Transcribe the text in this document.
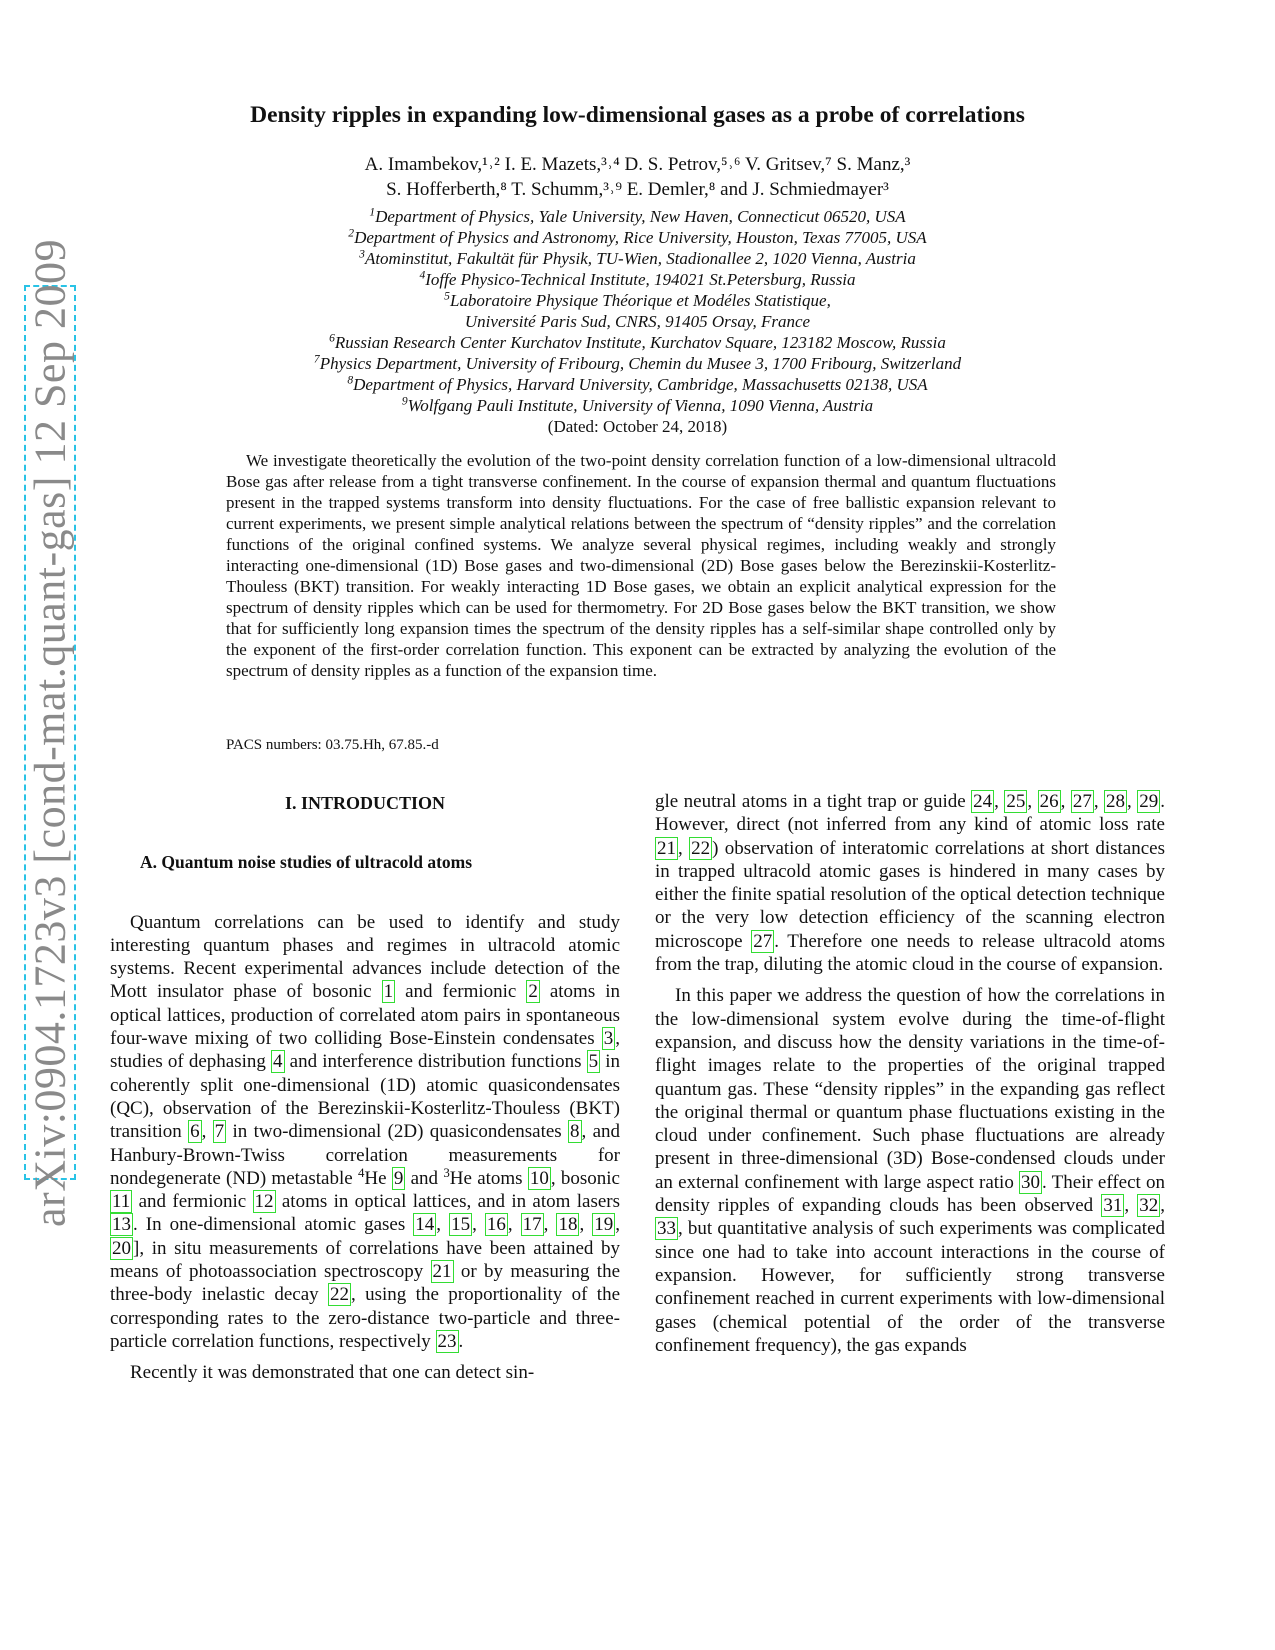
arXiv:0904.1723v3 [cond-mat.quant-gas] 12 Sep 2009
Density ripples in expanding low-dimensional gases as a probe of correlations
A. Imambekov,¹˒² I. E. Mazets,³˒⁴ D. S. Petrov,⁵˒⁶ V. Gritsev,⁷ S. Manz,³
S. Hofferberth,⁸ T. Schumm,³˒⁹ E. Demler,⁸ and J. Schmiedmayer³
$^1$Department of Physics, Yale University, New Haven, Connecticut 06520, USA
$^2$Department of Physics and Astronomy, Rice University, Houston, Texas 77005, USA
$^3$Atominstitut, Fakultät für Physik, TU-Wien, Stadionallee 2, 1020 Vienna, Austria
$^4$Ioffe Physico-Technical Institute, 194021 St.Petersburg, Russia
$^5$Laboratoire Physique Théorique et Modéles Statistique,
Université Paris Sud, CNRS, 91405 Orsay, France
$^6$Russian Research Center Kurchatov Institute, Kurchatov Square, 123182 Moscow, Russia
$^7$Physics Department, University of Fribourg, Chemin du Musee 3, 1700 Fribourg, Switzerland
$^8$Department of Physics, Harvard University, Cambridge, Massachusetts 02138, USA
$^9$Wolfgang Pauli Institute, University of Vienna, 1090 Vienna, Austria
(Dated: October 24, 2018)
We investigate theoretically the evolution of the two-point density correlation function of a low-dimensional ultracold Bose gas after release from a tight transverse confinement. In the course of expansion thermal and quantum fluctuations present in the trapped systems transform into density fluctuations. For the case of free ballistic expansion relevant to current experiments, we present simple analytical relations between the spectrum of “density ripples” and the correlation functions of the original confined systems. We analyze several physical regimes, including weakly and strongly interacting one-dimensional (1D) Bose gases and two-dimensional (2D) Bose gases below the Berezinskii-Kosterlitz-Thouless (BKT) transition. For weakly interacting 1D Bose gases, we obtain an explicit analytical expression for the spectrum of density ripples which can be used for thermometry. For 2D Bose gases below the BKT transition, we show that for sufficiently long expansion times the spectrum of the density ripples has a self-similar shape controlled only by the exponent of the first-order correlation function. This exponent can be extracted by analyzing the evolution of the spectrum of density ripples as a function of the expansion time.
PACS numbers: 03.75.Hh, 67.85.-d
I. INTRODUCTION
A. Quantum noise studies of ultracold atoms

Quantum correlations can be used to identify and study interesting quantum phases and regimes in ultracold atomic systems. Recent experimental advances include detection of the Mott insulator phase of bosonic 1 and fermionic 2 atoms in optical lattices, production of correlated atom pairs in spontaneous four-wave mixing of two colliding Bose-Einstein condensates 3 , studies of dephasing 4 and interference distribution functions 5 in coherently split one-dimensional (1D) atomic quasicondensates (QC), observation of the Berezinskii-Kosterlitz-Thouless (BKT) transition 6 , 7 in two-dimensional (2D) quasicondensates 8 , and Hanbury-Brown-Twiss correlation measurements for nondegenerate (ND) metastable $^4$He 9 and $^3$He atoms 10 , bosonic 11 and fermionic 12 atoms in optical lattices, and in atom lasers 13 . In one-dimensional atomic gases 14 , 15 , 16 , 17 , 18 , 19 , 20 ], in situ measurements of correlations have been attained by means of photoassociation spectroscopy 21 or by measuring the three-body inelastic decay 22 , using the proportionality of the corresponding rates to the zero-distance two-particle and three-particle correlation functions, respectively 23 .

Recently it was demonstrated that one can detect sin-

gle neutral atoms in a tight trap or guide 24 , 25 , 26 , 27 , 28 , 29 . However, direct (not inferred from any kind of atomic loss rate 21 , 22 ) observation of interatomic correlations at short distances in trapped ultracold atomic gases is hindered in many cases by either the finite spatial resolution of the optical detection technique or the very low detection efficiency of the scanning electron microscope 27 . Therefore one needs to release ultracold atoms from the trap, diluting the atomic cloud in the course of expansion.

In this paper we address the question of how the correlations in the low-dimensional system evolve during the time-of-flight expansion, and discuss how the density variations in the time-of-flight images relate to the properties of the original trapped quantum gas. These “density ripples” in the expanding gas reflect the original thermal or quantum phase fluctuations existing in the cloud under confinement. Such phase fluctuations are already present in three-dimensional (3D) Bose-condensed clouds under an external confinement with large aspect ratio 30 . Their effect on density ripples of expanding clouds has been observed 31 , 32 , 33 , but quantitative analysis of such experiments was complicated since one had to take into account interactions in the course of expansion. However, for sufficiently strong transverse confinement reached in current experiments with low-dimensional gases (chemical potential of the order of the transverse confinement frequency), the gas expands
